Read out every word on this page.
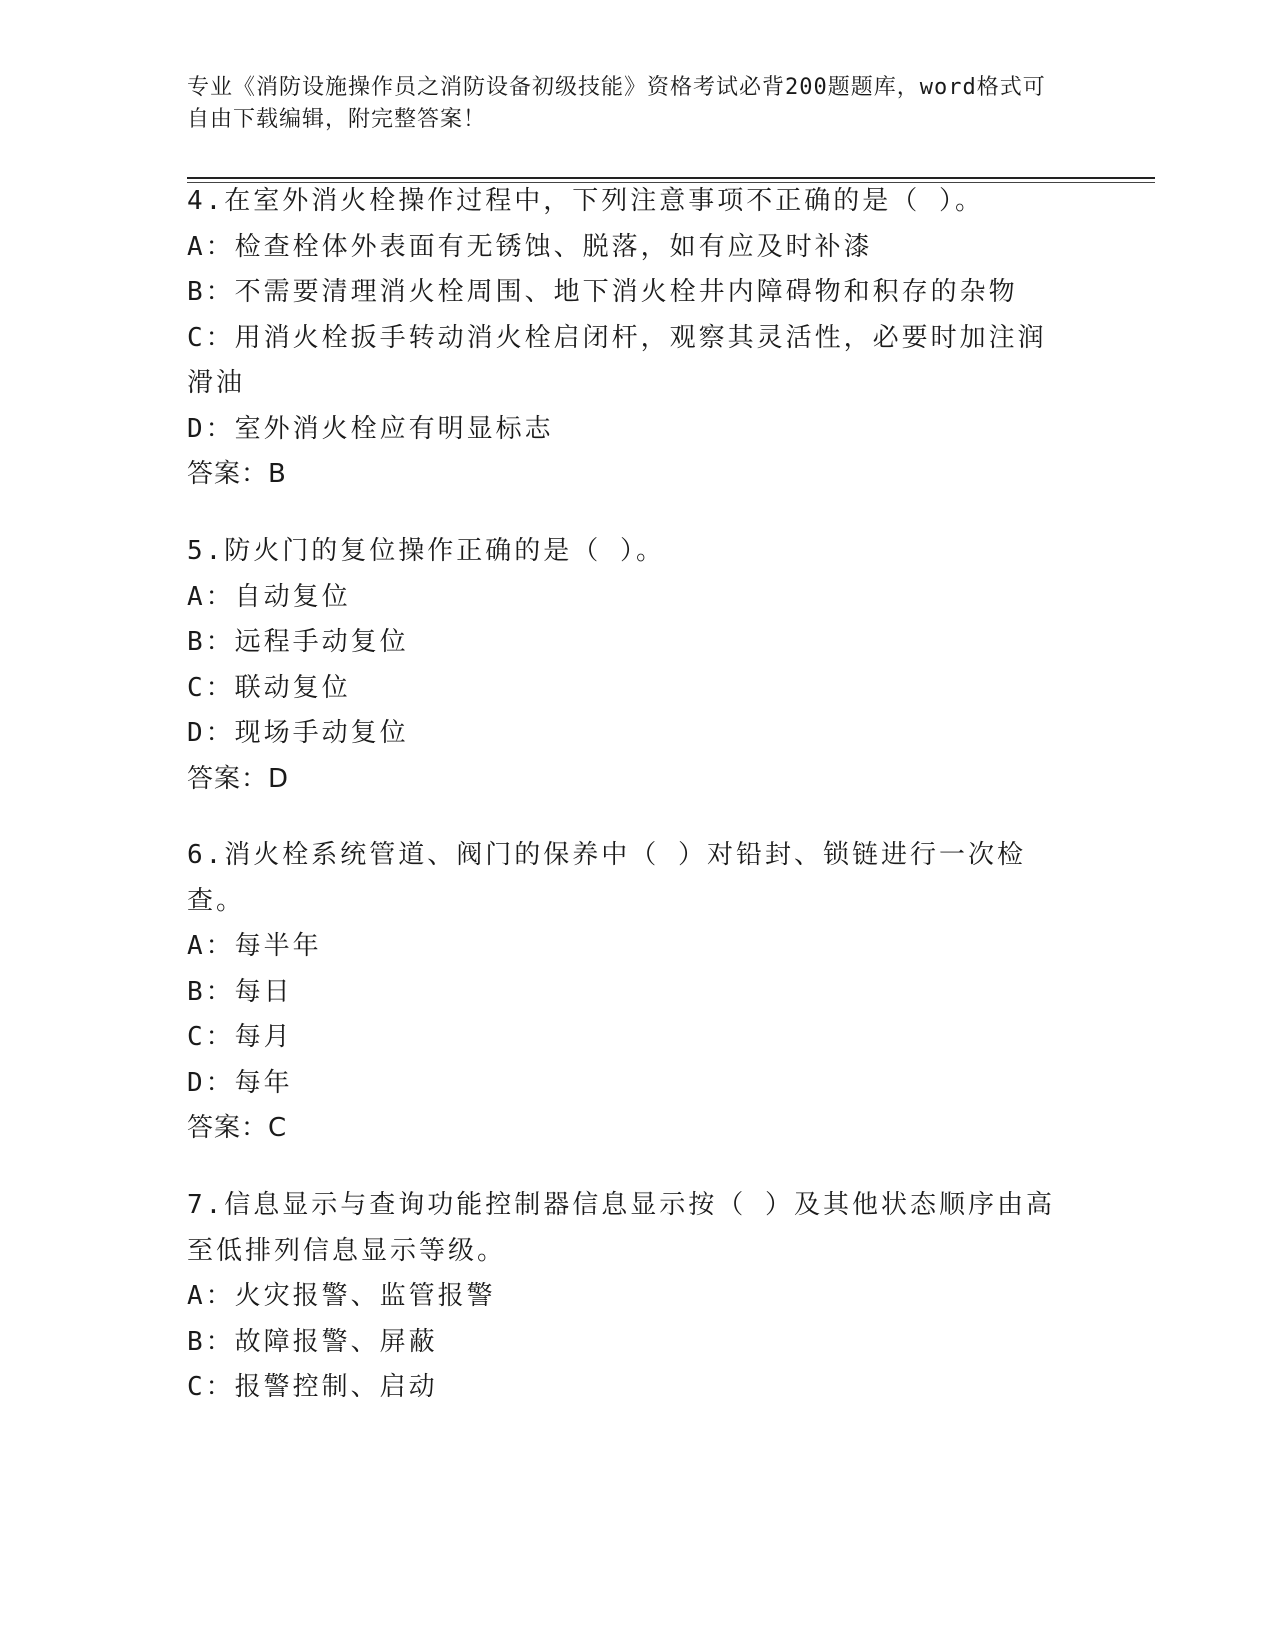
专业《消防设施操作员之消防设备初级技能》资格考试必背200题题库，word格式可自由下载编辑，附完整答案！
4.在室外消火栓操作过程中，下列注意事项不正确的是（ ）。
A：检查栓体外表面有无锈蚀、脱落，如有应及时补漆
B：不需要清理消火栓周围、地下消火栓井内障碍物和积存的杂物
C：用消火栓扳手转动消火栓启闭杆，观察其灵活性，必要时加注润滑油
D：室外消火栓应有明显标志
答案：B
5.防火门的复位操作正确的是（ ）。
A：自动复位
B：远程手动复位
C：联动复位
D：现场手动复位
答案：D
6.消火栓系统管道、阀门的保养中（ ）对铅封、锁链进行一次检查。
A：每半年
B：每日
C：每月
D：每年
答案：C
7.信息显示与查询功能控制器信息显示按（ ）及其他状态顺序由高至低排列信息显示等级。
A：火灾报警、监管报警
B：故障报警、屏蔽
C：报警控制、启动
